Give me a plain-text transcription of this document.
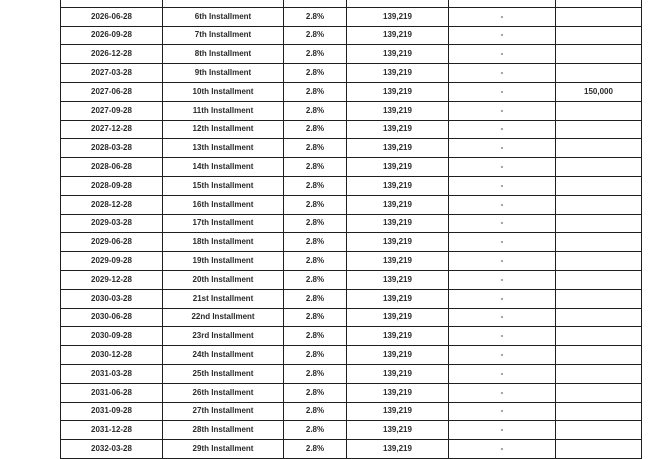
2026-06-28	6th Installment	2.8%	139,219	-	
2026-09-28	7th Installment	2.8%	139,219	-	
2026-12-28	8th Installment	2.8%	139,219	-	
2027-03-28	9th Installment	2.8%	139,219	-	
2027-06-28	10th Installment	2.8%	139,219	-	150,000
2027-09-28	11th Installment	2.8%	139,219	-	
2027-12-28	12th Installment	2.8%	139,219	-	
2028-03-28	13th Installment	2.8%	139,219	-	
2028-06-28	14th Installment	2.8%	139,219	-	
2028-09-28	15th Installment	2.8%	139,219	-	
2028-12-28	16th Installment	2.8%	139,219	-	
2029-03-28	17th Installment	2.8%	139,219	-	
2029-06-28	18th Installment	2.8%	139,219	-	
2029-09-28	19th Installment	2.8%	139,219	-	
2029-12-28	20th Installment	2.8%	139,219	-	
2030-03-28	21st Installment	2.8%	139,219	-	
2030-06-28	22nd Installment	2.8%	139,219	-	
2030-09-28	23rd Installment	2.8%	139,219	-	
2030-12-28	24th Installment	2.8%	139,219	-	
2031-03-28	25th Installment	2.8%	139,219	-	
2031-06-28	26th Installment	2.8%	139,219	-	
2031-09-28	27th Installment	2.8%	139,219	-	
2031-12-28	28th Installment	2.8%	139,219	-	
2032-03-28	29th Installment	2.8%	139,219	-	
